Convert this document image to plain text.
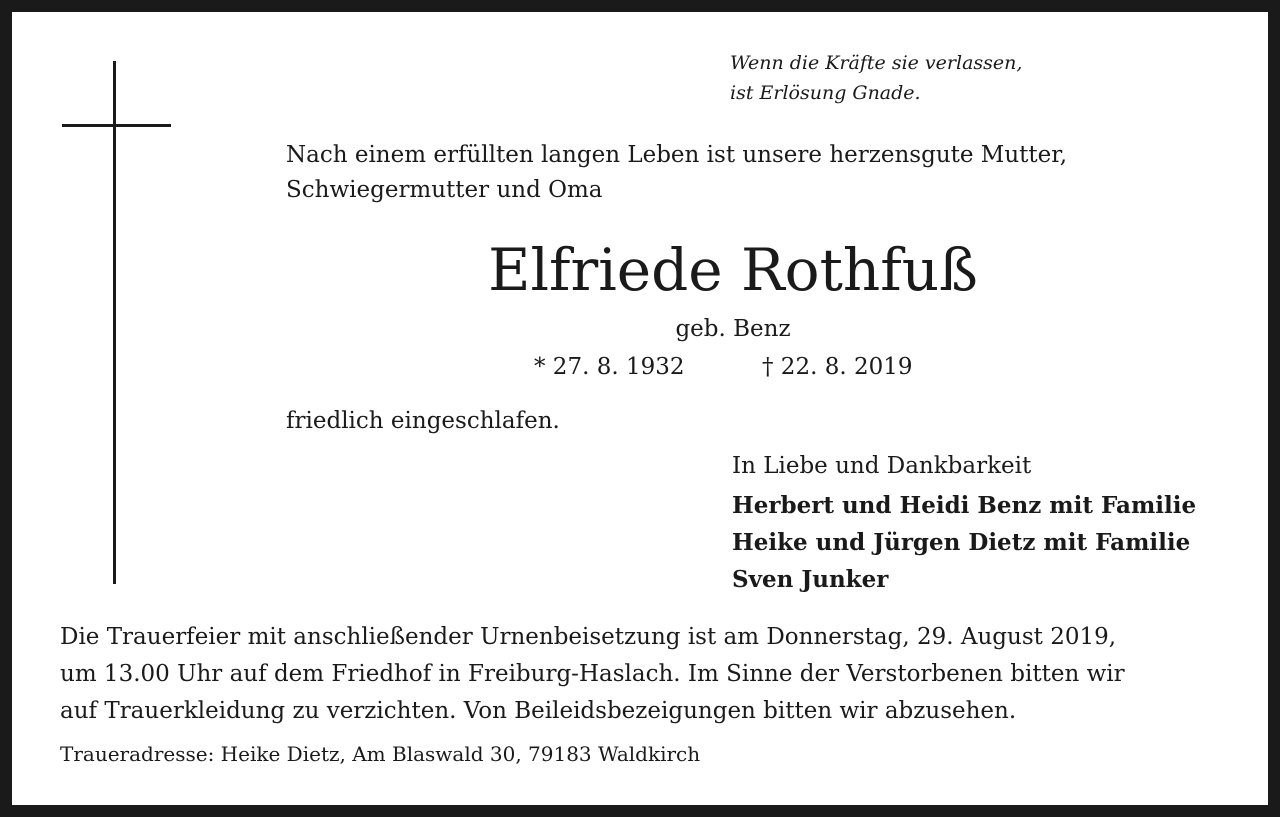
Wenn die Kräfte sie verlassen,
ist Erlösung Gnade.
Nach einem erfüllten langen Leben ist unsere herzensgute Mutter,
Schwiegermutter und Oma
Elfriede Rothfuß
geb. Benz
* 27. 8. 1932	† 22. 8. 2019
friedlich eingeschlafen.
In Liebe und Dankbarkeit
Herbert und Heidi Benz mit Familie
Heike und Jürgen Dietz mit Familie
Sven Junker
Die Trauerfeier mit anschließender Urnenbeisetzung ist am Donnerstag, 29. August 2019,
um 13.00 Uhr auf dem Friedhof in Freiburg-Haslach. Im Sinne der Verstorbenen bitten wir
auf Trauerkleidung zu verzichten. Von Beileidsbezeigungen bitten wir abzusehen.
Traueradresse: Heike Dietz, Am Blaswald 30, 79183 Waldkirch
